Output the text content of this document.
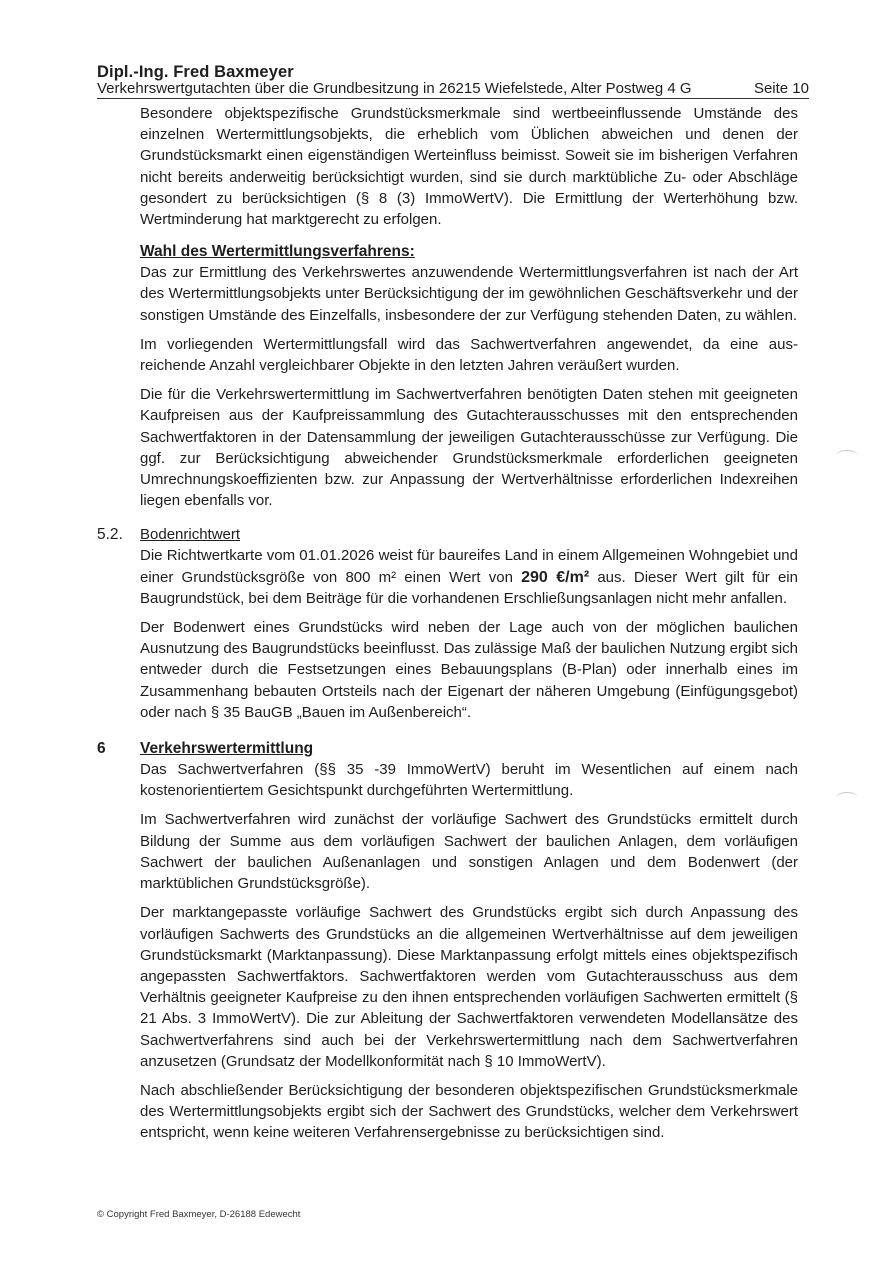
Dipl.-Ing. Fred Baxmeyer
Verkehrswertgutachten über die Grundbesitzung in 26215 Wiefelstede, Alter Postweg 4 G	Seite 10

Besondere objektspezifische Grundstücksmerkmale sind wertbeeinflussende Umstände des einzelnen Wertermittlungsobjekts, die erheblich vom Üblichen abweichen und denen der Grundstücksmarkt einen eigenständigen Werteinfluss beimisst. Soweit sie im bisherigen Verfahren nicht bereits anderweitig berücksichtigt wurden, sind sie durch marktübliche Zu- oder Abschläge gesondert zu berücksichtigen (§ 8 (3) ImmoWertV). Die Ermittlung der Werterhöhung bzw. Wertminderung hat marktgerecht zu erfolgen.

Wahl des Wertermittlungsverfahrens:

Das zur Ermittlung des Verkehrswertes anzuwendende Wertermittlungsverfahren ist nach der Art des Wertermittlungsobjekts unter Berücksichtigung der im gewöhnlichen Geschäftsverkehr und der sonstigen Umstände des Einzelfalls, insbesondere der zur Verfügung stehenden Daten, zu wählen.

Im vorliegenden Wertermittlungsfall wird das Sachwertverfahren angewendet, da eine ausreichende Anzahl vergleichbarer Objekte in den letzten Jahren veräußert wurden.

Die für die Verkehrswertermittlung im Sachwertverfahren benötigten Daten stehen mit geeigneten Kaufpreisen aus der Kaufpreissammlung des Gutachterausschusses mit den entsprechenden Sachwertfaktoren in der Datensammlung der jeweiligen Gutachterausschüsse zur Verfügung. Die ggf. zur Berücksichtigung abweichender Grundstücksmerkmale erforderlichen geeigneten Umrechnungskoeffizienten bzw. zur Anpassung der Wertverhältnisse erforderlichen Indexreihen liegen ebenfalls vor.

5.2. Bodenrichtwert

Die Richtwertkarte vom 01.01.2026 weist für baureifes Land in einem Allgemeinen Wohngebiet und einer Grundstücksgröße von 800 m² einen Wert von 290 €/m² aus. Dieser Wert gilt für ein Baugrundstück, bei dem Beiträge für die vorhandenen Erschließungsanlagen nicht mehr anfallen.

Der Bodenwert eines Grundstücks wird neben der Lage auch von der möglichen baulichen Ausnutzung des Baugrundstücks beeinflusst. Das zulässige Maß der baulichen Nutzung ergibt sich entweder durch die Festsetzungen eines Bebauungsplans (B-Plan) oder innerhalb eines im Zusammenhang bebauten Ortsteils nach der Eigenart der näheren Umgebung (Einfügungsgebot) oder nach § 35 BauGB „Bauen im Außenbereich“.

6 Verkehrswertermittlung

Das Sachwertverfahren (§§ 35 -39 ImmoWertV) beruht im Wesentlichen auf einem nach kostenorientiertem Gesichtspunkt durchgeführten Wertermittlung.

Im Sachwertverfahren wird zunächst der vorläufige Sachwert des Grundstücks ermittelt durch Bildung der Summe aus dem vorläufigen Sachwert der baulichen Anlagen, dem vorläufigen Sachwert der baulichen Außenanlagen und sonstigen Anlagen und dem Bodenwert (der marktüblichen Grundstücksgröße).

Der marktangepasste vorläufige Sachwert des Grundstücks ergibt sich durch Anpassung des vorläufigen Sachwerts des Grundstücks an die allgemeinen Wertverhältnisse auf dem jeweiligen Grundstücksmarkt (Marktanpassung). Diese Marktanpassung erfolgt mittels eines objektspezifisch angepassten Sachwertfaktors. Sachwertfaktoren werden vom Gutachterausschuss aus dem Verhältnis geeigneter Kaufpreise zu den ihnen entsprechenden vorläufigen Sachwerten ermittelt (§ 21 Abs. 3 ImmoWertV). Die zur Ableitung der Sachwertfaktoren verwendeten Modellansätze des Sachwertverfahrens sind auch bei der Verkehrswertermittlung nach dem Sachwertverfahren anzusetzen (Grundsatz der Modellkonformität nach § 10 ImmoWertV).

Nach abschließender Berücksichtigung der besonderen objektspezifischen Grundstücksmerkmale des Wertermittlungsobjekts ergibt sich der Sachwert des Grundstücks, welcher dem Verkehrswert entspricht, wenn keine weiteren Verfahrensergebnisse zu berücksichtigen sind.

© Copyright Fred Baxmeyer, D-26188 Edewecht
